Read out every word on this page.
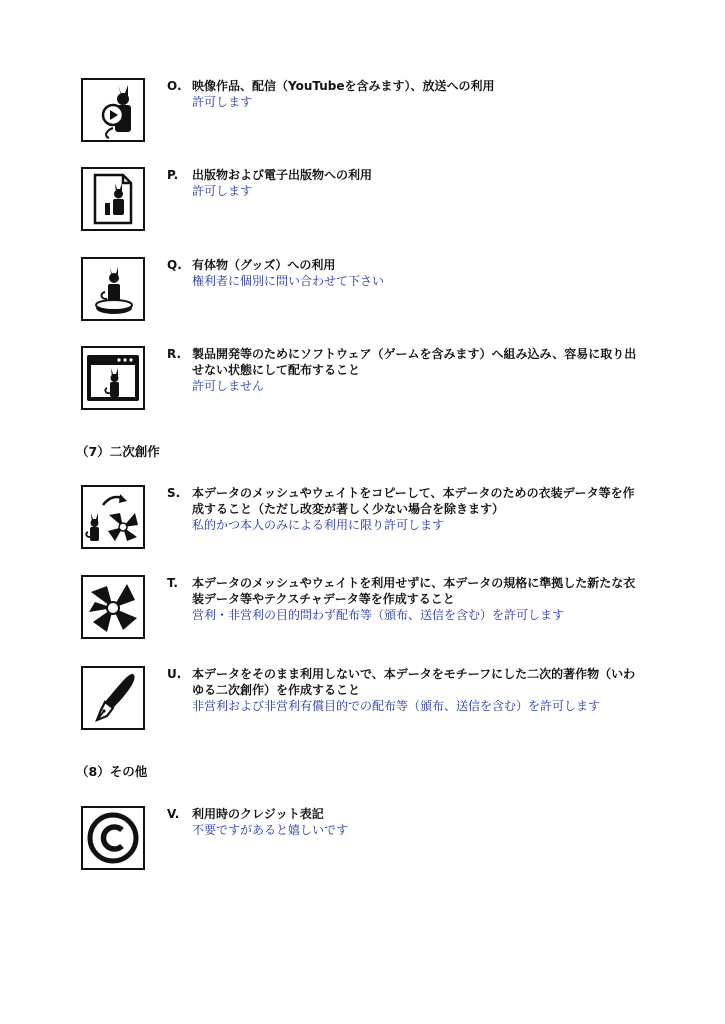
O. 映像作品、配信（YouTubeを含みます）、放送への利用

許可します

P. 出版物および電子出版物への利用

許可します

Q. 有体物（グッズ）への利用

権利者に個別に問い合わせて下さい

R. 製品開発等のためにソフトウェア（ゲームを含みます）へ組み込み、容易に取り出せない状態にして配布すること

許可しません

（7）二次創作
S. 本データのメッシュやウェイトをコピーして、本データのための衣装データ等を作成すること（ただし改変が著しく少ない場合を除きます）

私的かつ本人のみによる利用に限り許可します

T. 本データのメッシュやウェイトを利用せずに、本データの規格に準拠した新たな衣装データ等やテクスチャデータ等を作成すること

営利・非営利の目的問わず配布等（頒布、送信を含む）を許可します

U. 本データをそのまま利用しないで、本データをモチーフにした二次的著作物（いわゆる二次創作）を作成すること

非営利および非営利有償目的での配布等（頒布、送信を含む）を許可します

（8）その他
V. 利用時のクレジット表記

不要ですがあると嬉しいです
